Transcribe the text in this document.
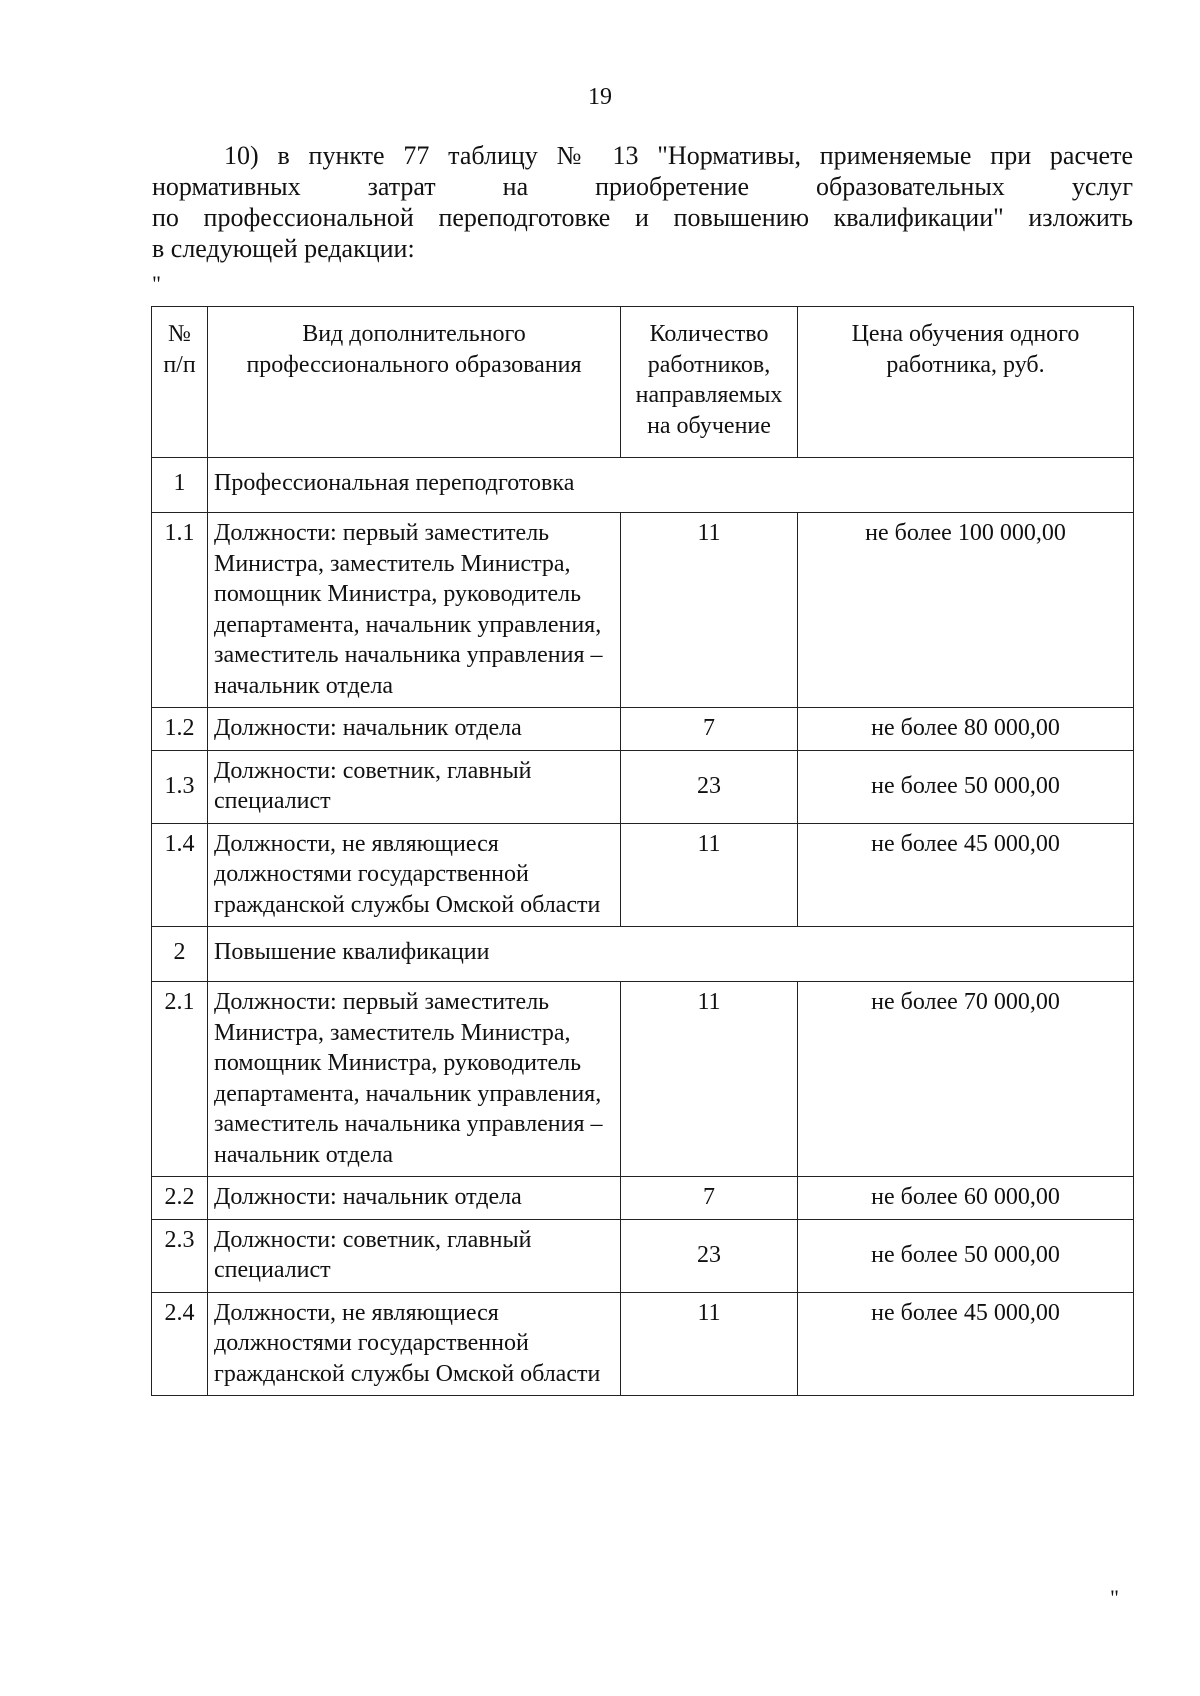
19
10) в пункте 77 таблицу № 13 "Нормативы, применяемые при расчете
нормативных затрат на приобретение образовательных услуг
по профессиональной переподготовке и повышению квалификации" изложить
в следующей редакции:
"
№ п/п	Вид дополнительного профессионального образования	Количество работников, направляемых на обучение	Цена обучения одного работника, руб.
1	Профессиональная переподготовка		
1.1	Должности: первый заместитель Министра, заместитель Министра, помощник Министра, руководитель департамента, начальник управления, заместитель начальника управления – начальник отдела	11	не более 100 000,00
1.2	Должности: начальник отдела	7	не более 80 000,00
1.3	Должности: советник, главный специалист	23	не более 50 000,00
1.4	Должности, не являющиеся должностями государственной гражданской службы Омской области	11	не более 45 000,00
2	Повышение квалификации		
2.1	Должности: первый заместитель Министра, заместитель Министра, помощник Министра, руководитель департамента, начальник управления, заместитель начальника управления – начальник отдела	11	не более 70 000,00
2.2	Должности: начальник отдела	7	не более 60 000,00
2.3	Должности: советник, главный специалист	23	не более 50 000,00
2.4	Должности, не являющиеся должностями государственной гражданской службы Омской области	11	не более 45 000,00
"
